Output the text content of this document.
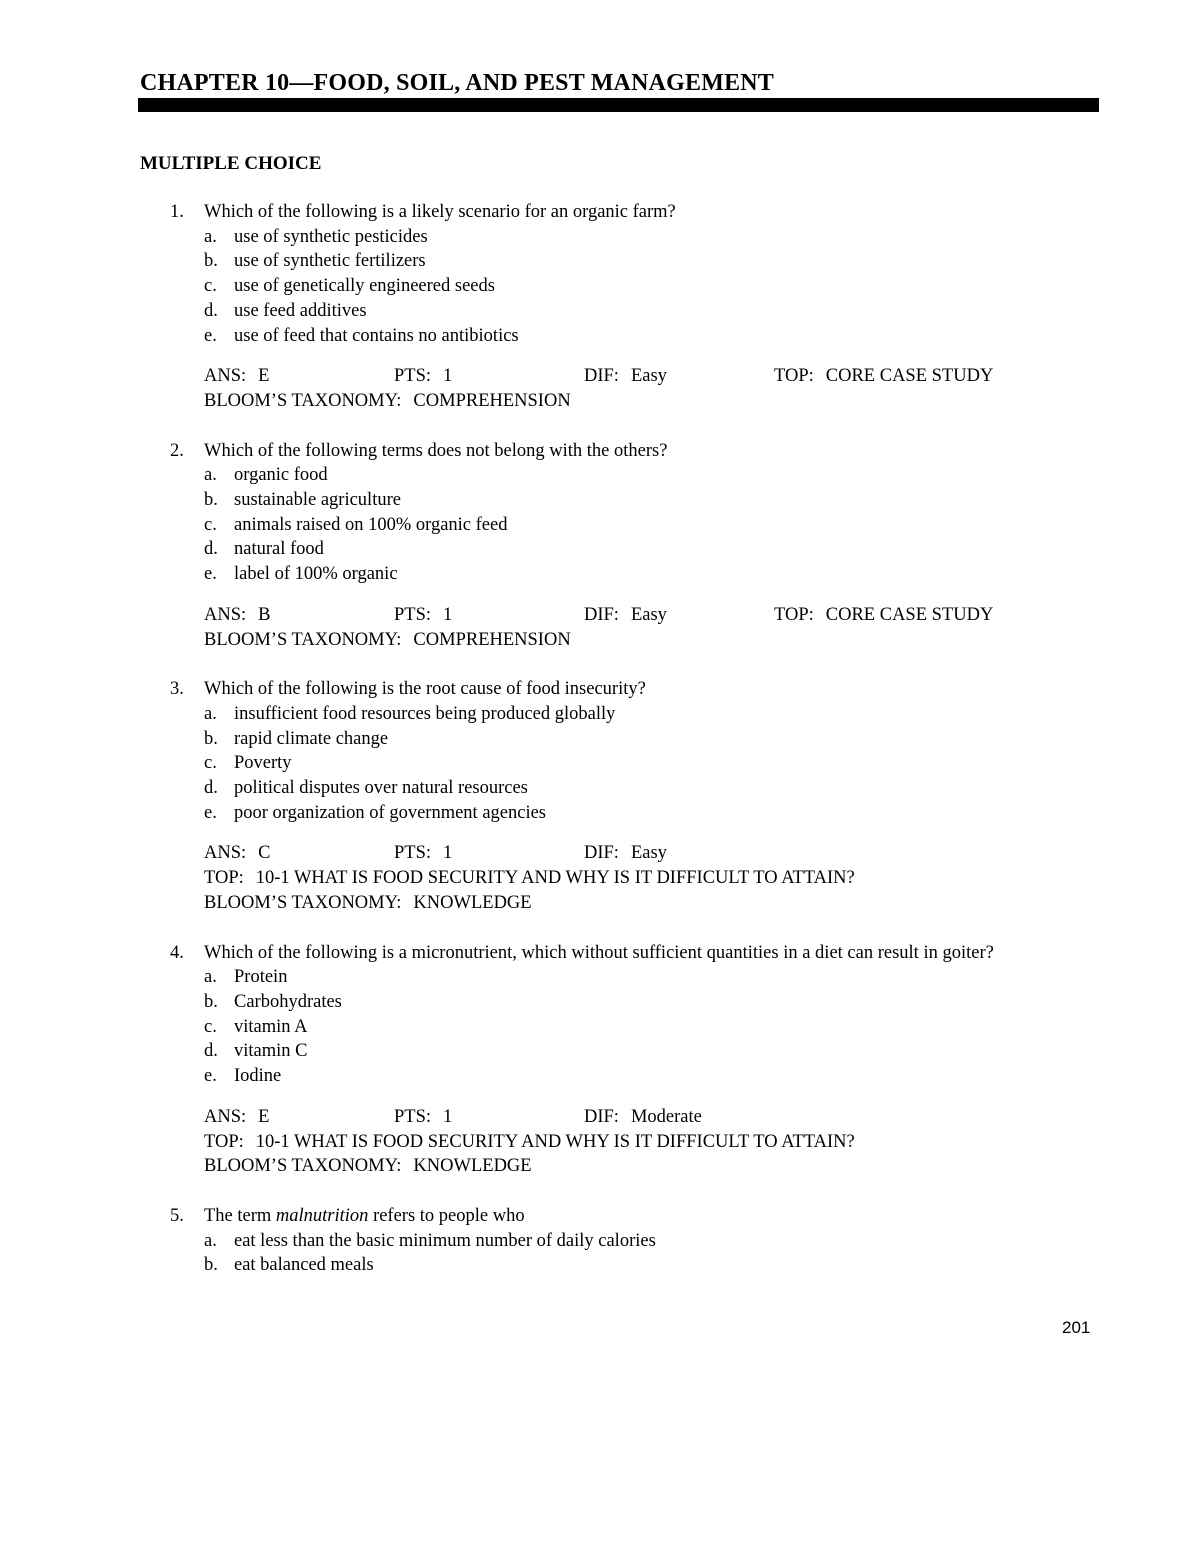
CHAPTER 10—FOOD, SOIL, AND PEST MANAGEMENT
MULTIPLE CHOICE
1.	Which of the following is a likely scenario for an organic farm?
a. use of synthetic pesticides
b. use of synthetic fertilizers
c. use of genetically engineered seeds
d. use feed additives
e. use of feed that contains no antibiotics
ANS: E	PTS: 1	DIF: Easy	TOP: CORE CASE STUDY
BLOOM’S TAXONOMY: COMPREHENSION
2.	Which of the following terms does not belong with the others?
a. organic food
b. sustainable agriculture
c. animals raised on 100% organic feed
d. natural food
e. label of 100% organic
ANS: B	PTS: 1	DIF: Easy	TOP: CORE CASE STUDY
BLOOM’S TAXONOMY: COMPREHENSION
3.	Which of the following is the root cause of food insecurity?
a. insufficient food resources being produced globally
b. rapid climate change
c. Poverty
d. political disputes over natural resources
e. poor organization of government agencies
ANS: C	PTS: 1	DIF: Easy
TOP: 10-1 WHAT IS FOOD SECURITY AND WHY IS IT DIFFICULT TO ATTAIN?
BLOOM’S TAXONOMY: KNOWLEDGE
4.	Which of the following is a micronutrient, which without sufficient quantities in a diet can result in goiter?
a. Protein
b. Carbohydrates
c. vitamin A
d. vitamin C
e. Iodine
ANS: E	PTS: 1	DIF: Moderate
TOP: 10-1 WHAT IS FOOD SECURITY AND WHY IS IT DIFFICULT TO ATTAIN?
BLOOM’S TAXONOMY: KNOWLEDGE
5.	The term malnutrition refers to people who
a. eat less than the basic minimum number of daily calories
b. eat balanced meals
201
